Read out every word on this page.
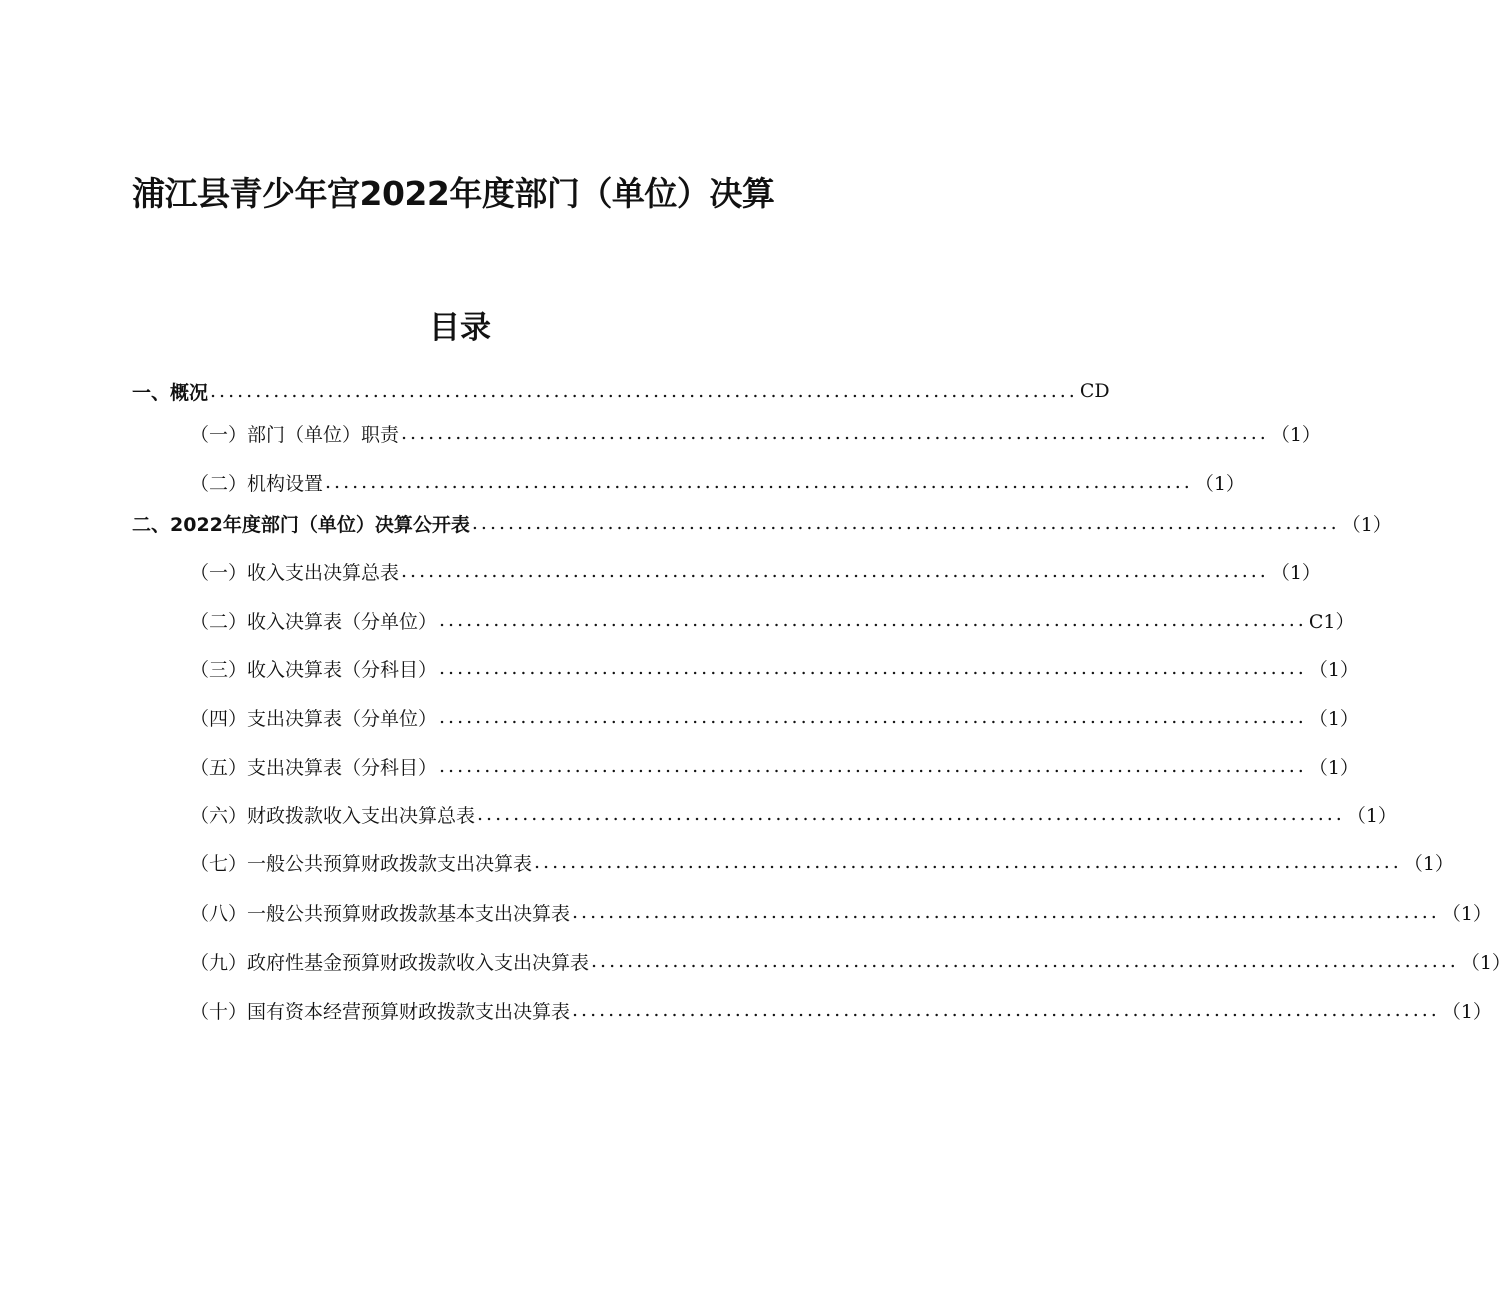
浦江县青少年宫2022年度部门（单位）决算
目录
一、概况 ................................................................................................ CD
（一）部门（单位）职责 ................................................................................................ （1）
（二）机构设置 ................................................................................................ （1）
二、2022年度部门（单位）决算公开表 ................................................................................................ （1）
（一）收入支出决算总表 ................................................................................................ （1）
（二）收入决算表（分单位） ................................................................................................ C1）
（三）收入决算表（分科目） ................................................................................................ （1）
（四）支出决算表（分单位） ................................................................................................ （1）
（五）支出决算表（分科目） ................................................................................................ （1）
（六）财政拨款收入支出决算总表 ................................................................................................ （1）
（七）一般公共预算财政拨款支出决算表 ................................................................................................ （1）
（八）一般公共预算财政拨款基本支出决算表 ................................................................................................ （1）
（九）政府性基金预算财政拨款收入支出决算表 ................................................................................................ （1）
（十）国有资本经营预算财政拨款支出决算表 ................................................................................................ （1）
